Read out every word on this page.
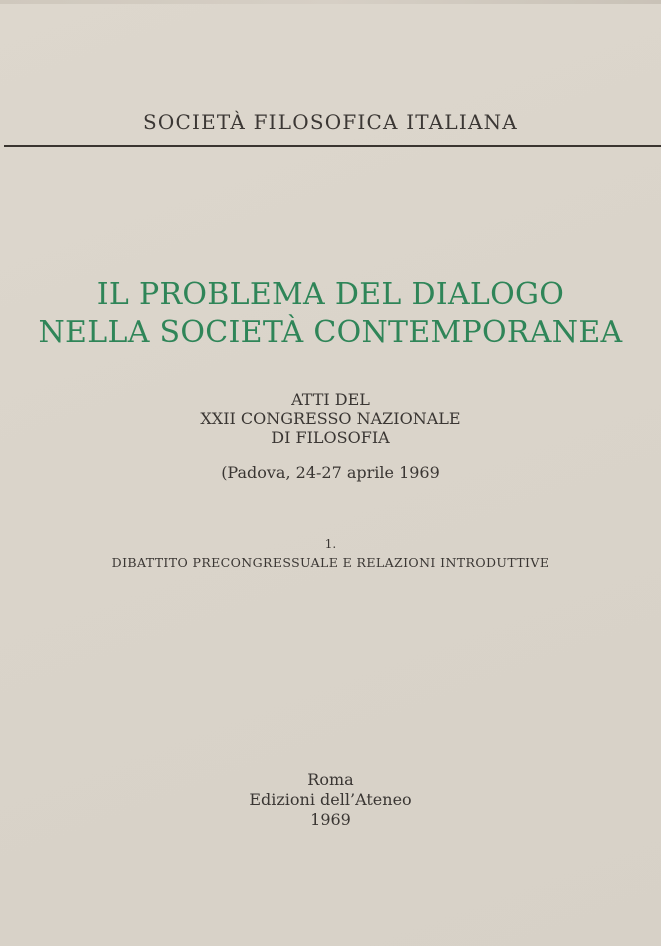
SOCIETÀ FILOSOFICA ITALIANA
IL PROBLEMA DEL DIALOGO
NELLA SOCIETÀ CONTEMPORANEA
ATTI DEL
XXII CONGRESSO NAZIONALE
DI FILOSOFIA
(Padova, 24-27 aprile 1969
1.
DIBATTITO PRECONGRESSUALE E RELAZIONI INTRODUTTIVE
Roma
Edizioni dell’Ateneo
1969
